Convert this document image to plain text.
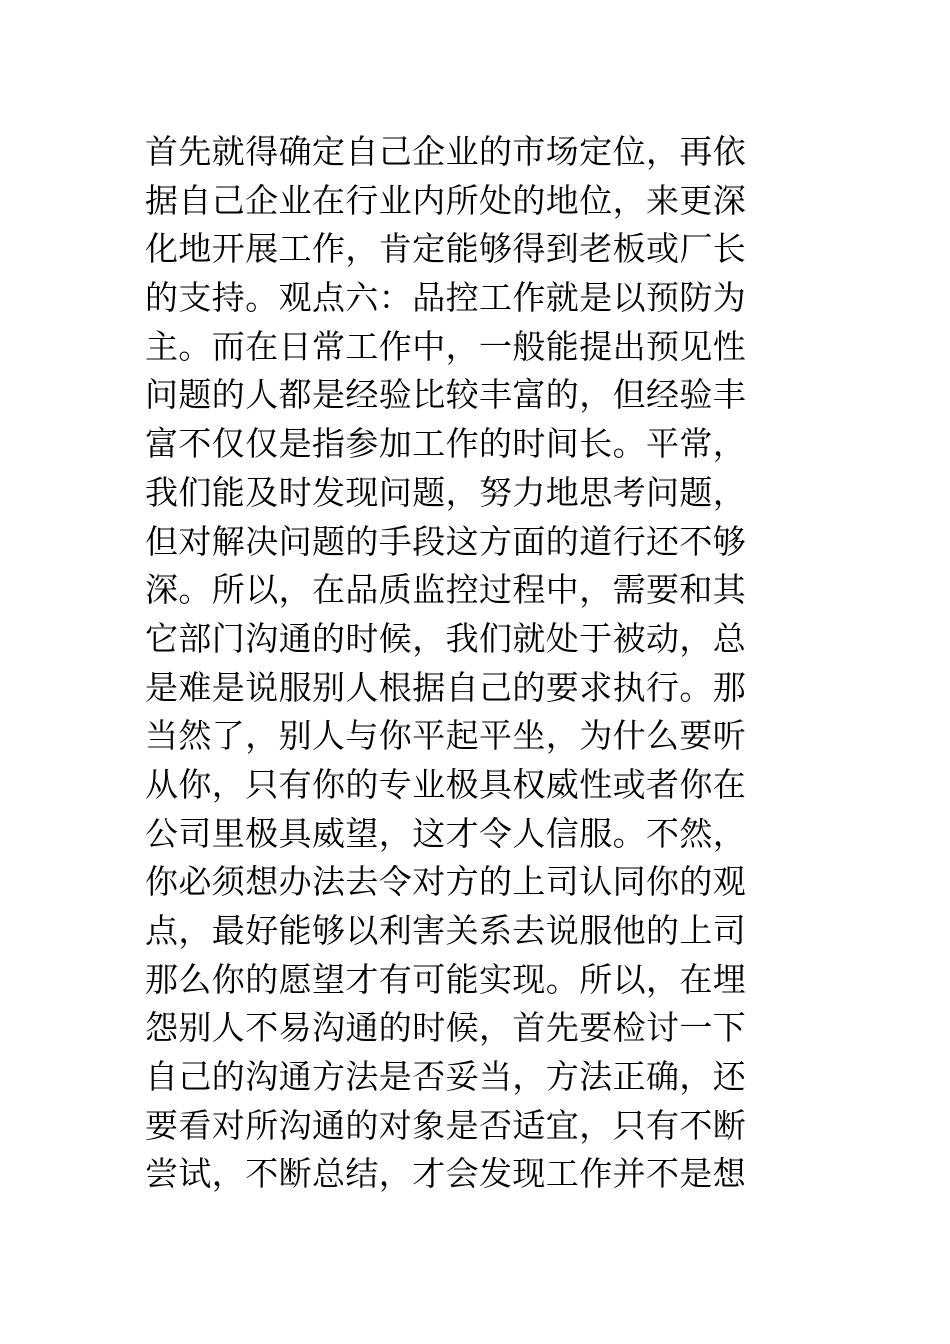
首先就得确定自己企业的市场定位，再依
据自己企业在行业内所处的地位，来更深
化地开展工作，肯定能够得到老板或厂长
的支持。观点六：品控工作就是以预防为
主。而在日常工作中，一般能提出预见性
问题的人都是经验比较丰富的，但经验丰
富不仅仅是指参加工作的时间长。平常，
我们能及时发现问题，努力地思考问题，
但对解决问题的手段这方面的道行还不够
深。所以，在品质监控过程中，需要和其
它部门沟通的时候，我们就处于被动，总
是难是说服别人根据自己的要求执行。那
当然了，别人与你平起平坐，为什么要听
从你，只有你的专业极具权威性或者你在
公司里极具威望，这才令人信服。不然，
你必须想办法去令对方的上司认同你的观
点，最好能够以利害关系去说服他的上司
那么你的愿望才有可能实现。所以，在埋
怨别人不易沟通的时候，首先要检讨一下
自己的沟通方法是否妥当，方法正确，还
要看对所沟通的对象是否适宜，只有不断
尝试，不断总结，才会发现工作并不是想
